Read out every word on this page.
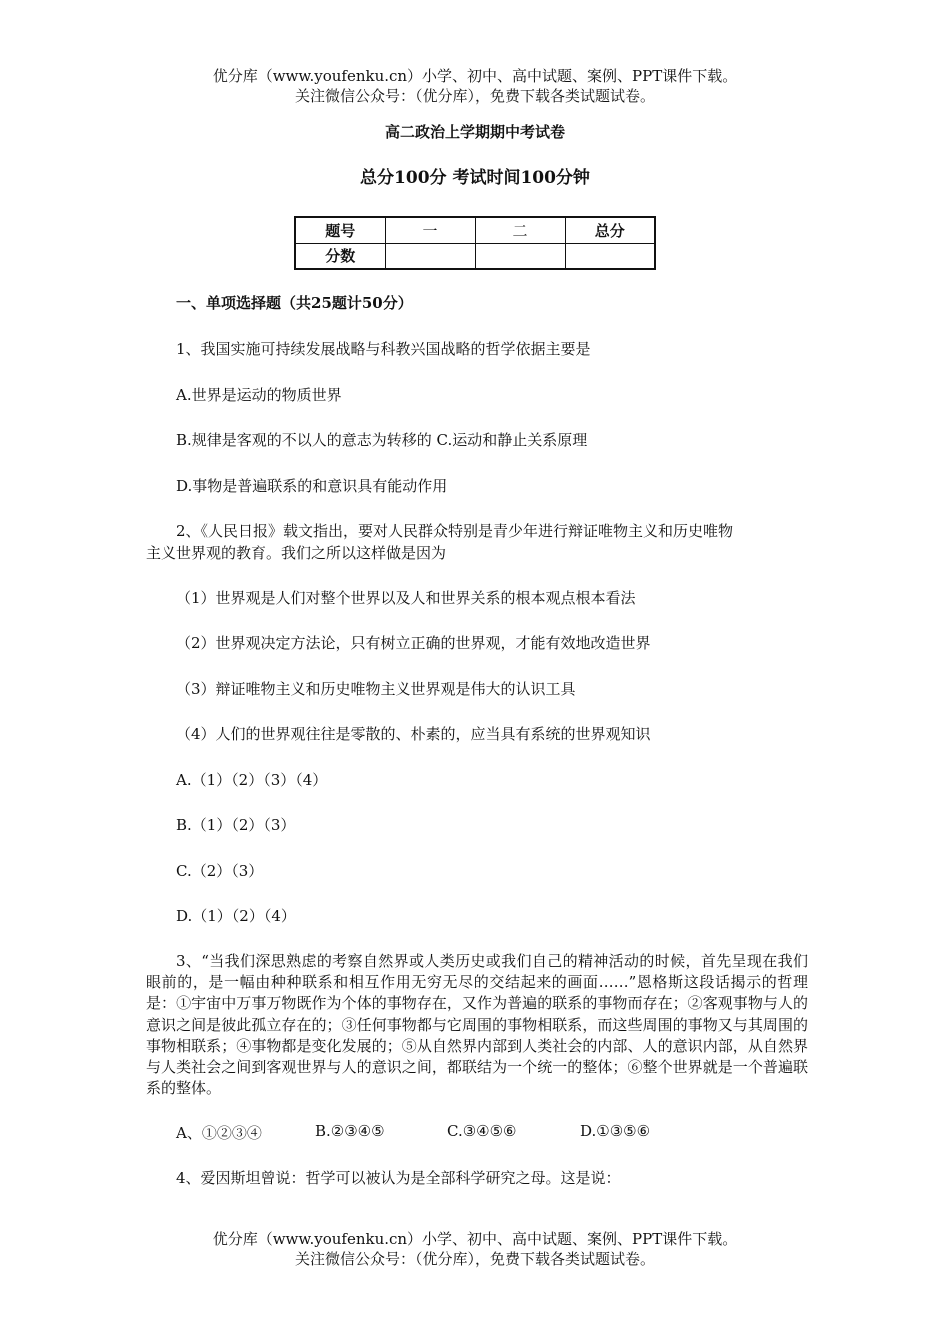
优分库（www.youfenku.cn）小学、初中、高中试题、案例、PPT课件下载。
关注微信公众号：（优分库），免费下载各类试题试卷。
高二政治上学期期中考试卷
总分100分 考试时间100分钟
题号	一	二	总分
分数			
一、单项选择题（共25题计50分）
1、我国实施可持续发展战略与科教兴国战略的哲学依据主要是
A.世界是运动的物质世界
B.规律是客观的不以人的意志为转移的 C.运动和静止关系原理
D.事物是普遍联系的和意识具有能动作用
2、《人民日报》载文指出，要对人民群众特别是青少年进行辩证唯物主义和历史唯物
主义世界观的教育。我们之所以这样做是因为
（1）世界观是人们对整个世界以及人和世界关系的根本观点根本看法
（2）世界观决定方法论，只有树立正确的世界观，才能有效地改造世界
（3）辩证唯物主义和历史唯物主义世界观是伟大的认识工具
（4）人们的世界观往往是零散的、朴素的，应当具有系统的世界观知识
A.（1）（2）（3）（4）
B.（1）（2）（3）
C.（2）（3）
D.（1）（2）（4）
3、“当我们深思熟虑的考察自然界或人类历史或我们自己的精神活动的时候，首先呈现在我们眼前的，是一幅由种种联系和相互作用无穷无尽的交结起来的画面……”恩格斯这段话揭示的哲理是：①宇宙中万事万物既作为个体的事物存在，又作为普遍的联系的事物而存在；②客观事物与人的意识之间是彼此孤立存在的；③任何事物都与它周围的事物相联系，而这些周围的事物又与其周围的事物相联系；④事物都是变化发展的；⑤从自然界内部到人类社会的内部、人的意识内部，从自然界与人类社会之间到客观世界与人的意识之间，都联结为一个统一的整体；⑥整个世界就是一个普遍联系的整体。
A、①②③④	B.②③④⑤	C.③④⑤⑥	D.①③⑤⑥
4、爱因斯坦曾说：哲学可以被认为是全部科学研究之母。这是说：
优分库（www.youfenku.cn）小学、初中、高中试题、案例、PPT课件下载。
关注微信公众号：（优分库），免费下载各类试题试卷。
